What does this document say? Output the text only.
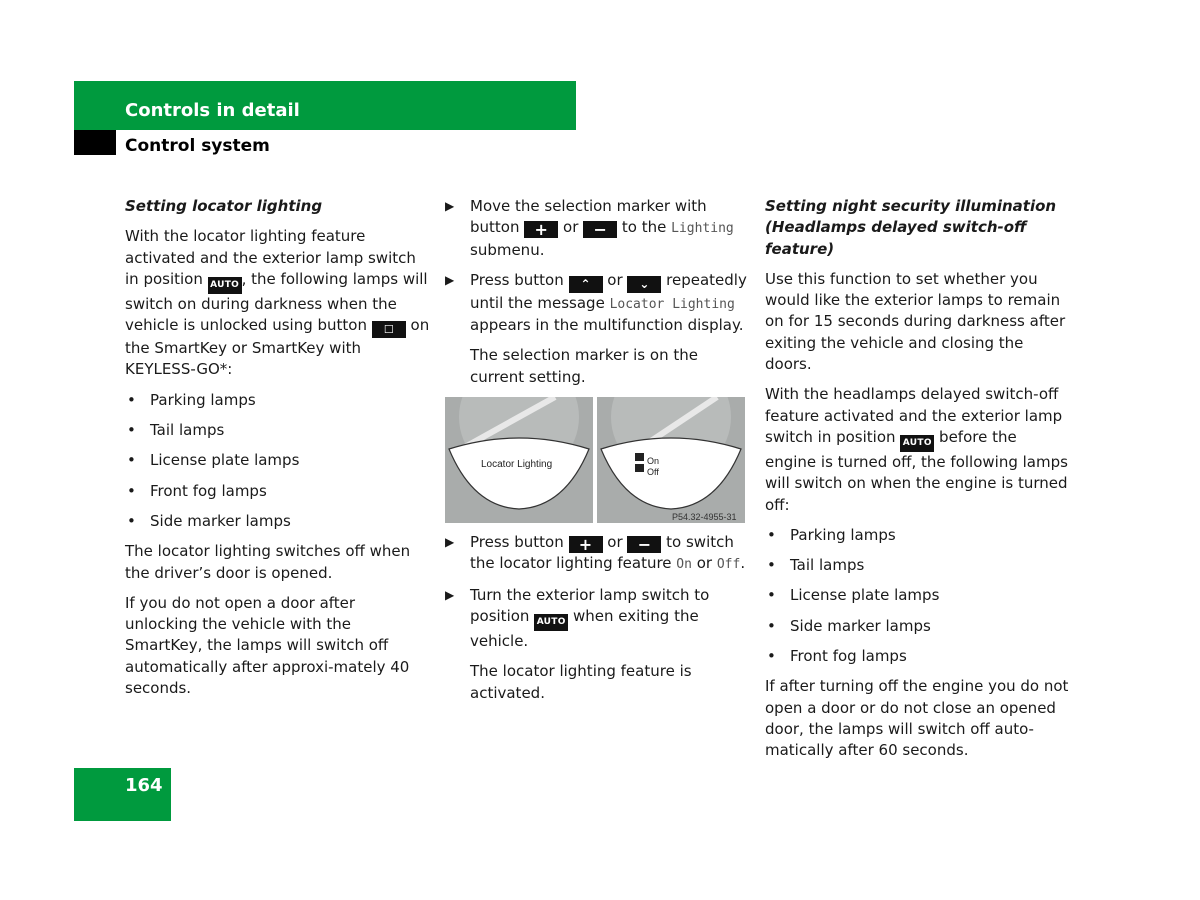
Controls in detail
Control system

Setting locator lighting

With the locator lighting feature activated and the exterior lamp switch in position AUTO , the following lamps will switch on during darkness when the vehicle is unlocked using button ☐ on the SmartKey or SmartKey with KEYLESS-GO*:

• Parking lamps
• Tail lamps
• License plate lamps
• Front fog lamps
• Side marker lamps

The locator lighting switches off when the driver’s door is opened.

If you do not open a door after unlocking the vehicle with the SmartKey, the lamps will switch off automatically after approxi-mately 40 seconds.

▶ Move the selection marker with button + or − to the Lighting submenu.
▶ Press button ⌃ or ⌄ repeatedly until the message Locator Lighting appears in the multifunction display.
The selection marker is on the current setting.
Locator Lighting	On
Off
P54.32-4955-31
▶ Press button + or − to switch the locator lighting feature On or Off.
▶ Turn the exterior lamp switch to position AUTO when exiting the vehicle.
The locator lighting feature is activated.

Setting night security illumination (Headlamps delayed switch-off feature)

Use this function to set whether you would like the exterior lamps to remain on for 15 seconds during darkness after exiting the vehicle and closing the doors.

With the headlamps delayed switch-off feature activated and the exterior lamp switch in position AUTO before the engine is turned off, the following lamps will switch on when the engine is turned off:

• Parking lamps
• Tail lamps
• License plate lamps
• Side marker lamps
• Front fog lamps

If after turning off the engine you do not open a door or do not close an opened door, the lamps will switch off auto-matically after 60 seconds.

164
